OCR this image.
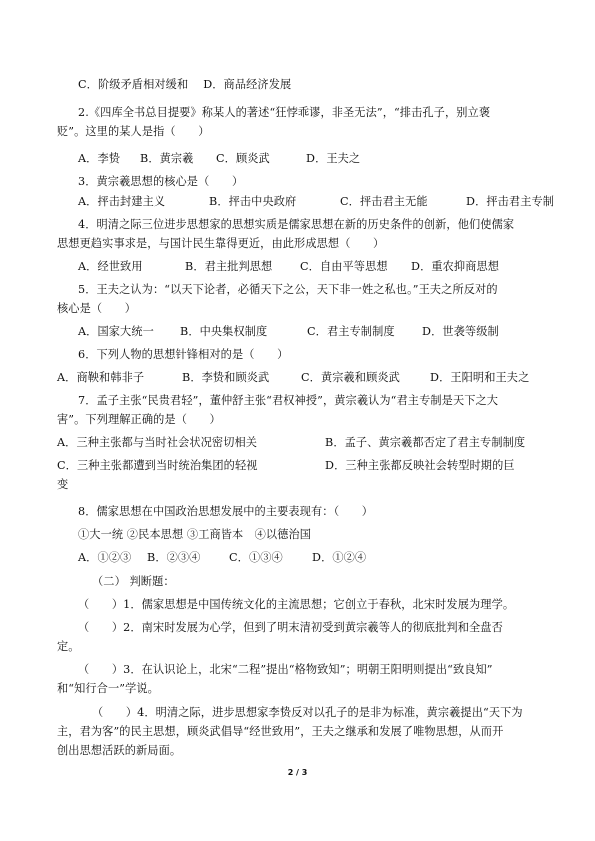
C．阶级矛盾相对缓和　 D．商品经济发展
2.《四库全书总目提要》称某人的著述“狂悖乖谬，非圣无法”，“排击孔子，别立褒
贬”。这里的某人是指（　　）
A．李贽 B．黄宗羲 C．顾炎武	D．王夫之
3．黄宗羲思想的核心是（　　）
A．抨击封建主义	B．抨击中央政府	C．抨击君主无能	D．抨击君主专制
4．明清之际三位进步思想家的思想实质是儒家思想在新的历史条件的创新，他们使儒家
思想更趋实事求是，与国计民生靠得更近，由此形成思想（　　）
A．经世致用	B．君主批判思想 C．自由平等思想 D．重农抑商思想
5．王夫之认为：“以天下论者，必循天下之公，天下非一姓之私也。”王夫之所反对的
核心是（　　）
A．国家大统一 B．中央集权制度	C．君主专制制度 D．世袭等级制
6．下列人物的思想针锋相对的是（　　）
A．商鞅和韩非子	B．李贽和顾炎武	C．黄宗羲和顾炎武	D．王阳明和王夫之
7．孟子主张“民贵君轻”，董仲舒主张“君权神授”，黄宗羲认为“君主专制是天下之大
害”。下列理解正确的是（　　）
A．三种主张都与当时社会状况密切相关	B．孟子、黄宗羲都否定了君主专制制度
C．三种主张都遭到当时统治集团的轻视	D．三种主张都反映社会转型时期的巨
变
8．儒家思想在中国政治思想发展中的主要表现有：（　　）
①大一统 ②民本思想 ③工商皆本　④以德治国
A．①②③ B．②③④	C．①③④	D．①②④
（二） 判断题：
（　　）1．儒家思想是中国传统文化的主流思想；它创立于春秋，北宋时发展为理学。
（　　）2．南宋时发展为心学，但到了明末清初受到黄宗羲等人的彻底批判和全盘否
定。
（　　）3．在认识论上，北宋“二程”提出“格物致知”；明朝王阳明则提出“致良知”
和“知行合一”学说。
（　　）4．明清之际，进步思想家李贽反对以孔子的是非为标准，黄宗羲提出“天下为
主，君为客”的民主思想，顾炎武倡导“经世致用”，王夫之继承和发展了唯物思想，从而开
创出思想活跃的新局面。
2 / 3
